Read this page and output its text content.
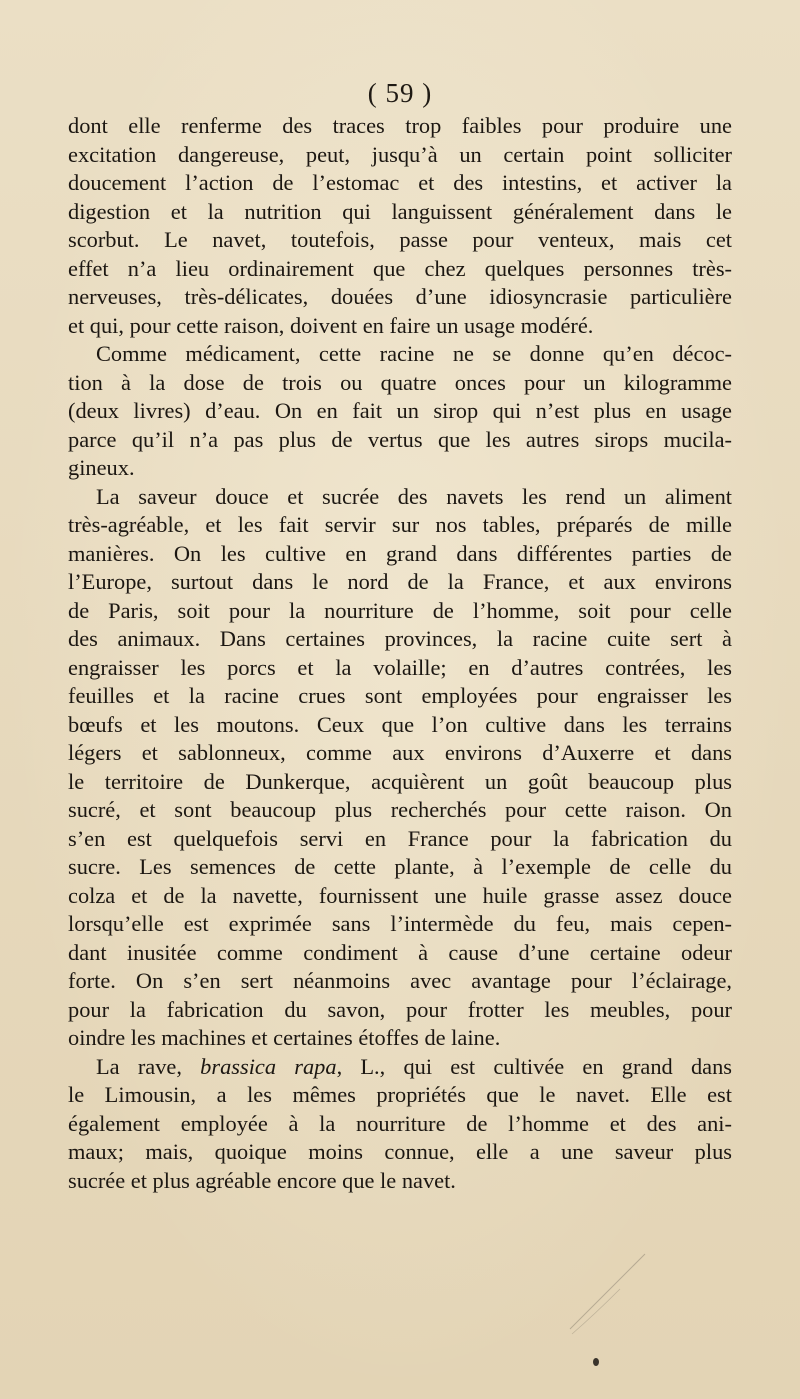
( 59 )
dont elle renferme des traces trop faibles pour produire une
excitation dangereuse, peut, jusqu’à un certain point solliciter
doucement l’action de l’estomac et des intestins, et activer la
digestion et la nutrition qui languissent généralement dans le
scorbut. Le navet, toutefois, passe pour venteux, mais cet
effet n’a lieu ordinairement que chez quelques personnes très-
nerveuses, très-délicates, douées d’une idiosyncrasie particulière
et qui, pour cette raison, doivent en faire un usage modéré.
Comme médicament, cette racine ne se donne qu’en décoc-
tion à la dose de trois ou quatre onces pour un kilogramme
(deux livres) d’eau. On en fait un sirop qui n’est plus en usage
parce qu’il n’a pas plus de vertus que les autres sirops mucila-
gineux.
La saveur douce et sucrée des navets les rend un aliment
très-agréable, et les fait servir sur nos tables, préparés de mille
manières. On les cultive en grand dans différentes parties de
l’Europe, surtout dans le nord de la France, et aux environs
de Paris, soit pour la nourriture de l’homme, soit pour celle
des animaux. Dans certaines provinces, la racine cuite sert à
engraisser les porcs et la volaille; en d’autres contrées, les
feuilles et la racine crues sont employées pour engraisser les
bœufs et les moutons. Ceux que l’on cultive dans les terrains
légers et sablonneux, comme aux environs d’Auxerre et dans
le territoire de Dunkerque, acquièrent un goût beaucoup plus
sucré, et sont beaucoup plus recherchés pour cette raison. On
s’en est quelquefois servi en France pour la fabrication du
sucre. Les semences de cette plante, à l’exemple de celle du
colza et de la navette, fournissent une huile grasse assez douce
lorsqu’elle est exprimée sans l’intermède du feu, mais cepen-
dant inusitée comme condiment à cause d’une certaine odeur
forte. On s’en sert néanmoins avec avantage pour l’éclairage,
pour la fabrication du savon, pour frotter les meubles, pour
oindre les machines et certaines étoffes de laine.
La rave, brassica rapa, L., qui est cultivée en grand dans
le Limousin, a les mêmes propriétés que le navet. Elle est
également employée à la nourriture de l’homme et des ani-
maux; mais, quoique moins connue, elle a une saveur plus
sucrée et plus agréable encore que le navet.
